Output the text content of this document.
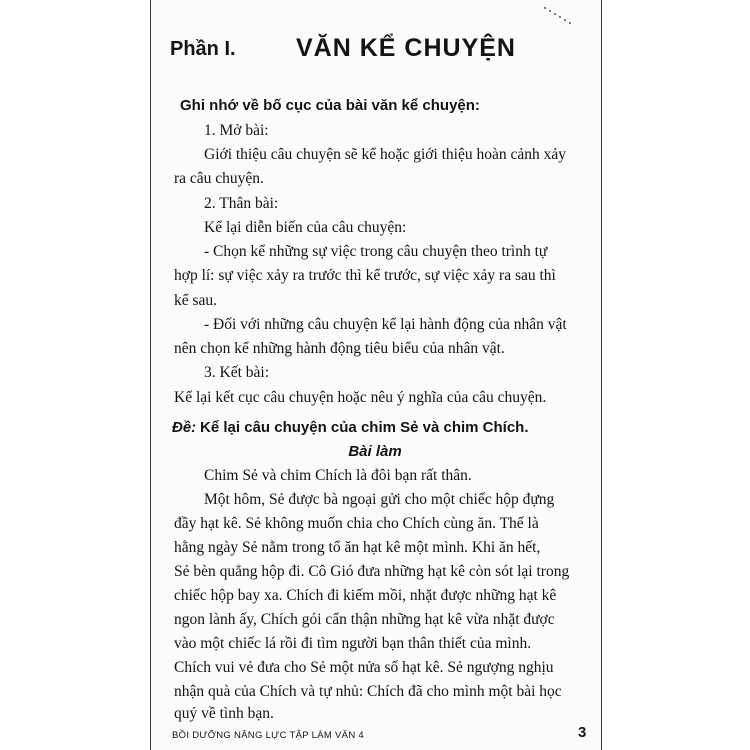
Phần I. VĂN KỂ CHUYỆN
Ghi nhớ về bố cục của bài văn kể chuyện:
1. Mở bài:
Giới thiệu câu chuyện sẽ kể hoặc giới thiệu hoàn cảnh xảy
ra câu chuyện.
2. Thân bài:
Kể lại diễn biến của câu chuyện:
- Chọn kể những sự việc trong câu chuyện theo trình tự
hợp lí: sự việc xảy ra trước thì kể trước, sự việc xảy ra sau thì
kể sau.
- Đối với những câu chuyện kể lại hành động của nhân vật
nên chọn kể những hành động tiêu biểu của nhân vật.
3. Kết bài:
Kể lại kết cục câu chuyện hoặc nêu ý nghĩa của câu chuyện.
Đề: Kể lại câu chuyện của chim Sẻ và chim Chích.
Bài làm
Chim Sẻ và chim Chích là đôi bạn rất thân.
Một hôm, Sẻ được bà ngoại gửi cho một chiếc hộp đựng
đầy hạt kê. Sẻ không muốn chia cho Chích cùng ăn. Thế là
hằng ngày Sẻ nằm trong tổ ăn hạt kê một mình. Khi ăn hết,
Sẻ bèn quẳng hộp đi. Cô Gió đưa những hạt kê còn sót lại trong
chiếc hộp bay xa. Chích đi kiếm mồi, nhặt được những hạt kê
ngon lành ấy, Chích gói cẩn thận những hạt kê vừa nhặt được
vào một chiếc lá rồi đi tìm người bạn thân thiết của mình.
Chích vui vẻ đưa cho Sẻ một nửa số hạt kê. Sẻ ngượng nghịu
BỒI DƯỠNG NĂNG LỰC TẬP LÀM VĂN 4	3
nhận quà của Chích và tự nhủ: Chích đã cho mình một bài học
quý về tình bạn.
